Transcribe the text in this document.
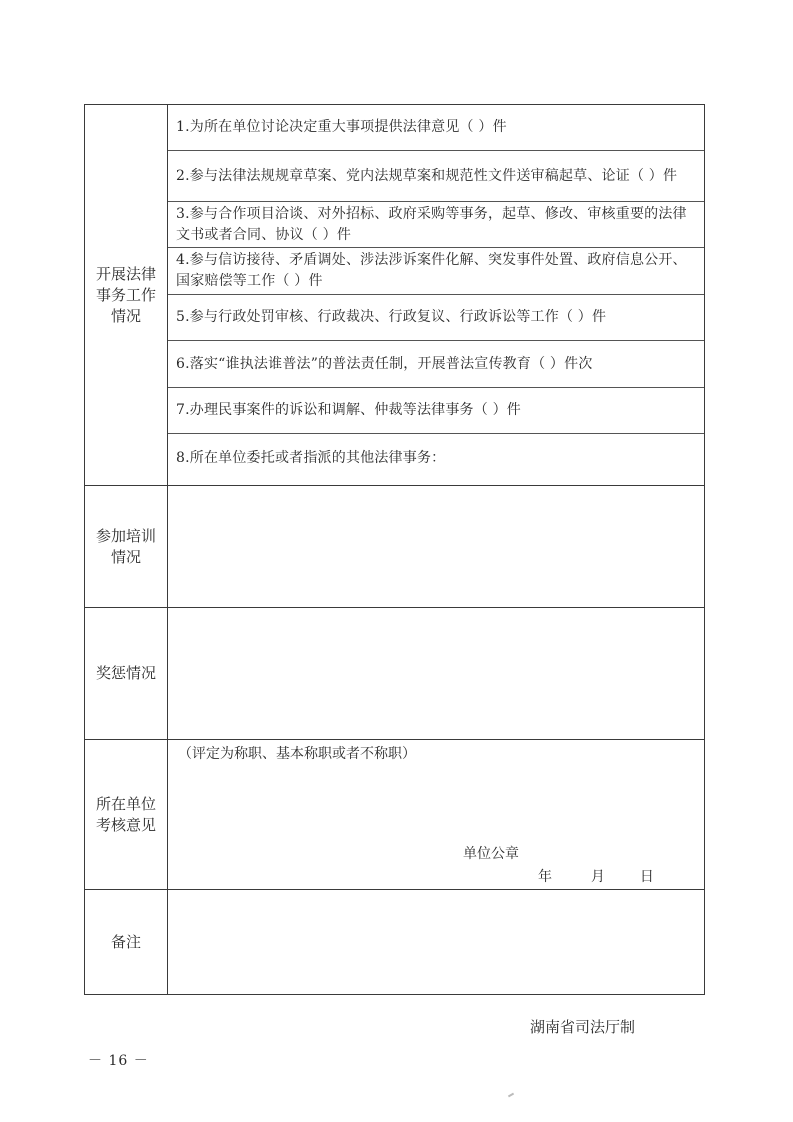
开展法律事务工作情况
1.为所在单位讨论决定重大事项提供法律意见（ ）件
2.参与法律法规规章草案、党内法规草案和规范性文件送审稿起草、论证（ ）件
3.参与合作项目洽谈、对外招标、政府采购等事务，起草、修改、审核重要的法律文书或者合同、协议（ ）件
4.参与信访接待、矛盾调处、涉法涉诉案件化解、突发事件处置、政府信息公开、国家赔偿等工作（ ）件
5.参与行政处罚审核、行政裁决、行政复议、行政诉讼等工作（ ）件
6.落实“谁执法谁普法”的普法责任制，开展普法宣传教育（ ）件次
7.办理民事案件的诉讼和调解、仲裁等法律事务（ ）件
8.所在单位委托或者指派的其他法律事务：
参加培训情况
奖惩情况
所在单位考核意见
（评定为称职、基本称职或者不称职）
单位公章
年	月 日
备注
湖南省司法厅制
－ 16 －
